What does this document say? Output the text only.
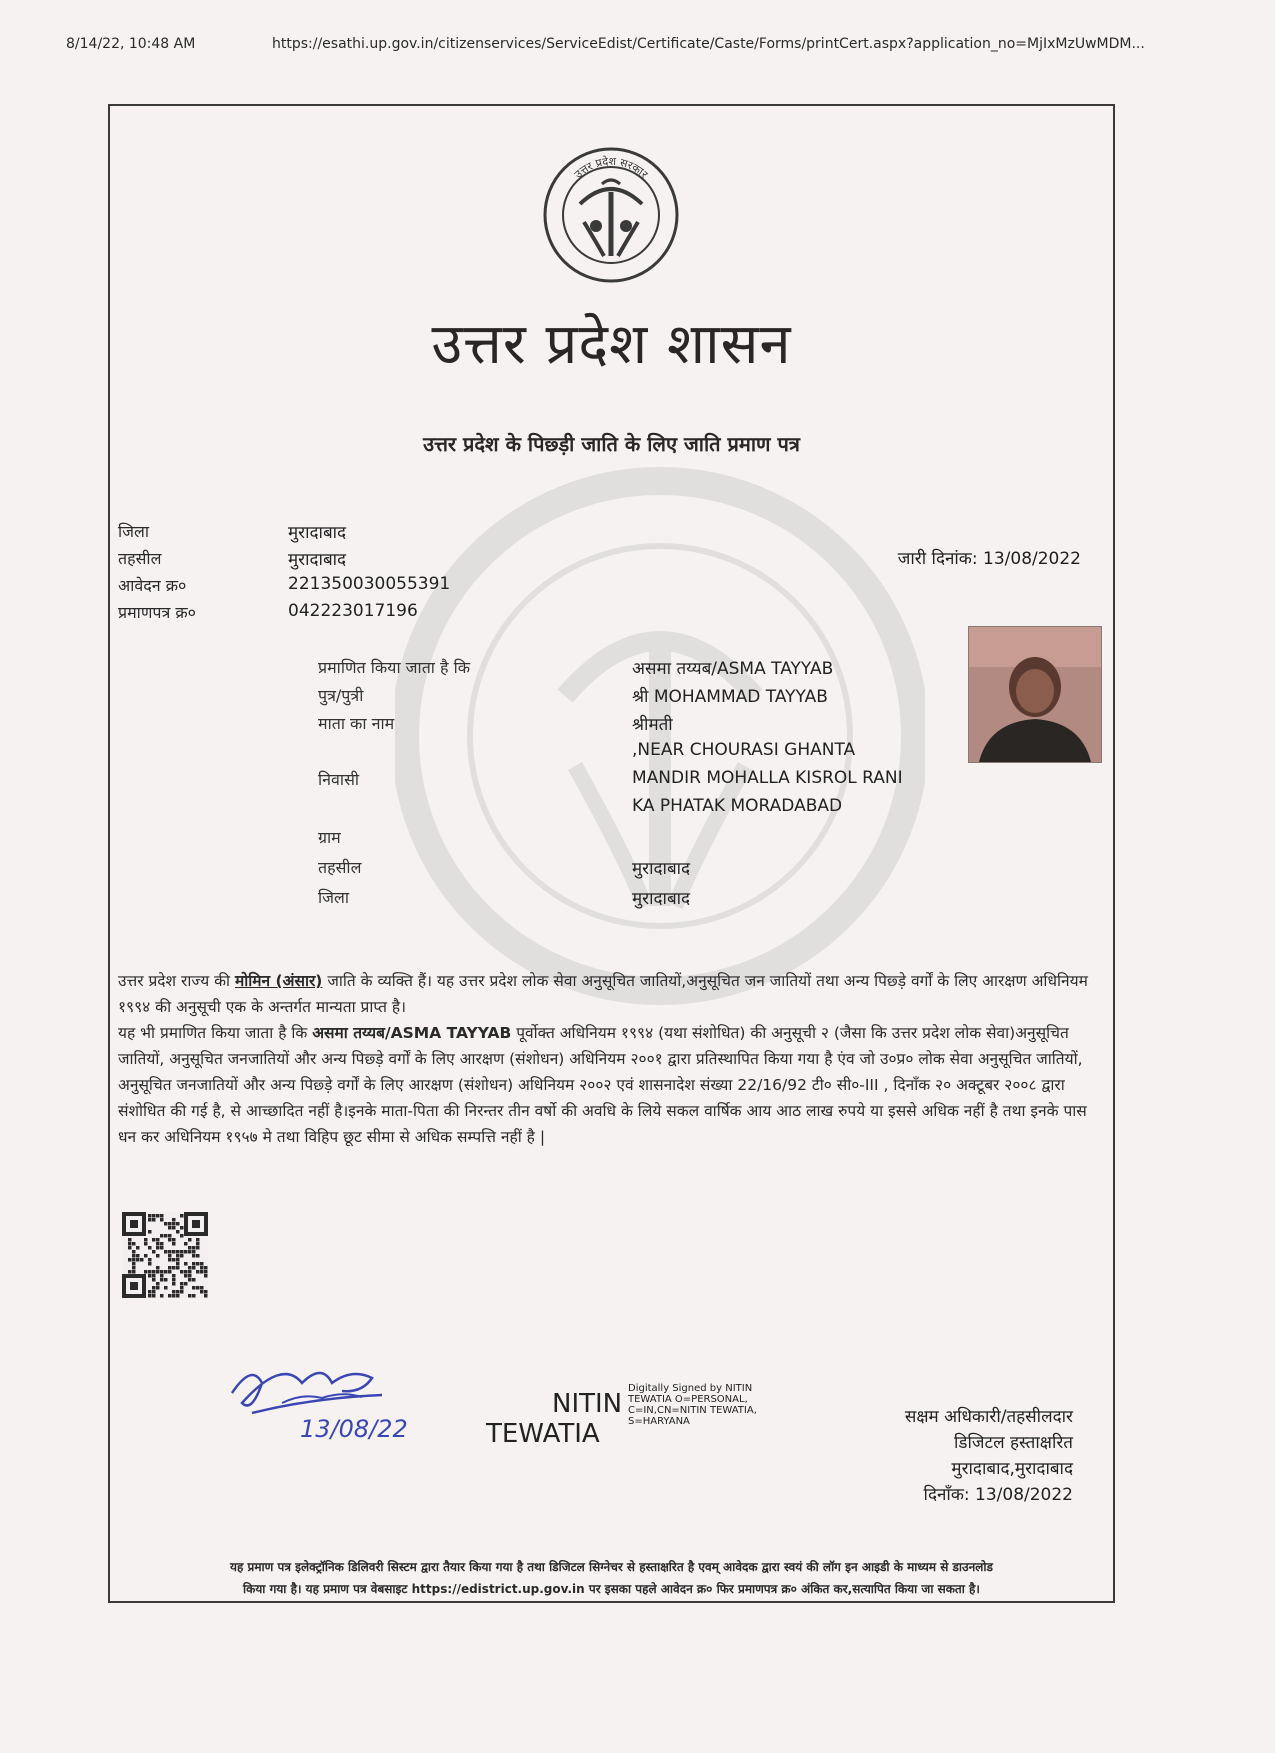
8/14/22, 10:48 AM	https://esathi.up.gov.in/citizenservices/ServiceEdist/Certificate/Caste/Forms/printCert.aspx?application_no=MjIxMzUwMDM...
उत्तर प्रदेश सरकार
उत्तर प्रदेश शासन
उत्तर प्रदेश के पिछ्ड़ी जाति के लिए जाति प्रमाण पत्र
जिला	मुरादाबाद
तहसील	मुरादाबाद
आवेदन क्र०	221350030055391
प्रमाणपत्र क्र०	042223017196
जारी दिनांक: 13/08/2022
प्रमाणित किया जाता है कि	असमा तय्यब/ASMA TAYYAB
पुत्र/पुत्री	श्री MOHAMMAD TAYYAB
माता का नाम	श्रीमती
,NEAR CHOURASI GHANTA
निवासी	MANDIR MOHALLA KISROL RANI
KA PHATAK MORADABAD
ग्राम
तहसील	मुरादाबाद
जिला	मुरादाबाद

उत्तर प्रदेश राज्य की मोमिन (अंसार) जाति के व्यक्ति हैं। यह उत्तर प्रदेश लोक सेवा अनुसूचित जातियों,अनुसूचित जन जातियों तथा अन्य पिछ्ड़े वर्गों के लिए आरक्षण अधिनियम १९९४ की अनुसूची एक के अन्तर्गत मान्यता प्राप्त है।

यह भी प्रमाणित किया जाता है कि असमा तय्यब/ASMA TAYYAB पूर्वोक्त अधिनियम १९९४ (यथा संशोधित) की अनुसूची २ (जैसा कि उत्तर प्रदेश लोक सेवा)अनुसूचित जातियों, अनुसूचित जनजातियों और अन्य पिछ्ड़े वर्गों के लिए आरक्षण (संशोधन) अधिनियम २००१ द्वारा प्रतिस्थापित किया गया है एंव जो उ०प्र० लोक सेवा अनुसूचित जातियों, अनुसूचित जनजातियों और अन्य पिछ्ड़े वर्गों के लिए आरक्षण (संशोधन) अधिनियम २००२ एवं शासनादेश संख्या 22/16/92 टी० सी०-III , दिनाँक २० अक्टूबर २००८ द्वारा संशोधित की गई है, से आच्छादित नहीं है।इनके माता-पिता की निरन्तर तीन वर्षो की अवधि के लिये सकल वार्षिक आय आठ लाख रुपये या इससे अधिक नहीं है तथा इनके पास धन कर अधिनियम १९५७ मे तथा विहिप छूट सीमा से अधिक सम्पत्ति नहीं है |

13/08/22
NITIN
TEWATIA
Digitally Signed by NITIN TEWATIA O=PERSONAL, C=IN,CN=NITIN TEWATIA, S=HARYANA	सक्षम अधिकारी/तहसीलदार
डिजिटल हस्ताक्षरित
मुरादाबाद,मुरादाबाद
दिनाँक: 13/08/2022
यह प्रमाण पत्र इलेक्ट्रॉनिक डिलिवरी सिस्टम द्वारा तैयार किया गया है तथा डिजिटल सिग्नेचर से हस्ताक्षरित है एवम् आवेदक द्वारा स्वयं की लॉग इन आइडी के माध्यम से डाउनलोड
किया गया है। यह प्रमाण पत्र वेबसाइट https://edistrict.up.gov.in पर इसका पहले आवेदन क्र० फिर प्रमाणपत्र क्र० अंकित कर,सत्यापित किया जा सकता है।
